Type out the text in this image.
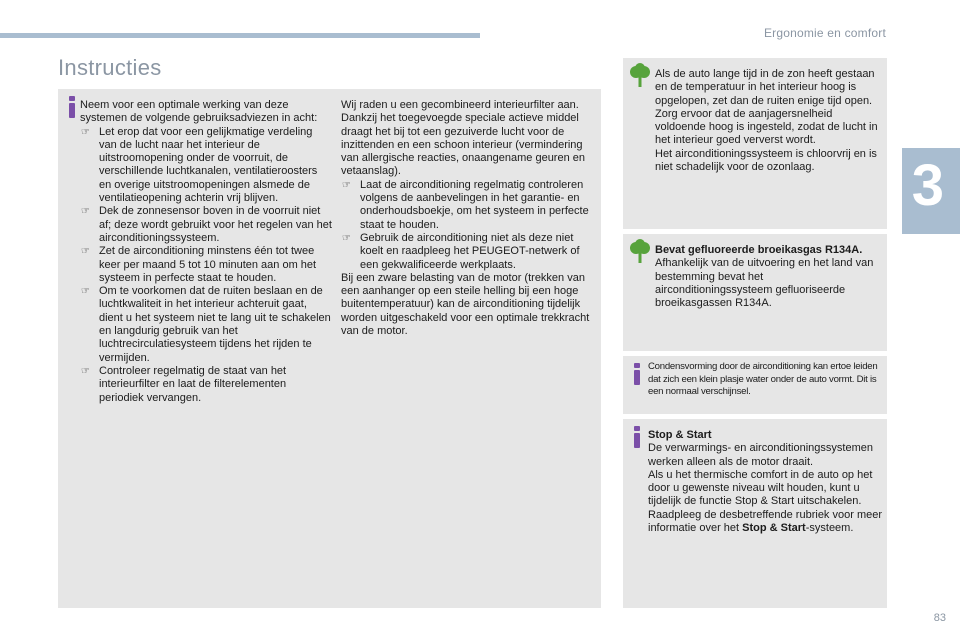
Ergonomie en comfort
3
Instructies

Neem voor een optimale werking van deze systemen de volgende gebruiksadviezen in acht:

☞ Let erop dat voor een gelijkmatige verdeling van de lucht naar het interieur de uitstroomopening onder de voorruit, de verschillende luchtkanalen, ventilatieroosters en overige uitstroomopeningen alsmede de ventilatieopening achterin vrij blijven.
☞ Dek de zonnesensor boven in de voorruit niet af; deze wordt gebruikt voor het regelen van het airconditioningssysteem.
☞ Zet de airconditioning minstens één tot twee keer per maand 5 tot 10 minuten aan om het systeem in perfecte staat te houden.
☞ Om te voorkomen dat de ruiten beslaan en de luchtkwaliteit in het interieur achteruit gaat, dient u het systeem niet te lang uit te schakelen en langdurig gebruik van het luchtrecirculatiesysteem tijdens het rijden te vermijden.
☞ Controleer regelmatig de staat van het interieurfilter en laat de filterelementen periodiek vervangen.

Wij raden u een gecombineerd interieurfilter aan. Dankzij het toegevoegde speciale actieve middel draagt het bij tot een gezuiverde lucht voor de inzittenden en een schoon interieur (vermindering van allergische reacties, onaangename geuren en vetaanslag).

☞ Laat de airconditioning regelmatig controleren volgens de aanbevelingen in het garantie- en onderhoudsboekje, om het systeem in perfecte staat te houden.
☞ Gebruik de airconditioning niet als deze niet koelt en raadpleeg het PEUGEOT-netwerk of een gekwalificeerde werkplaats.

Bij een zware belasting van de motor (trekken van een aanhanger op een steile helling bij een hoge buitentemperatuur) kan de airconditioning tijdelijk worden uitgeschakeld voor een optimale trekkracht van de motor.

Als de auto lange tijd in de zon heeft gestaan en de temperatuur in het interieur hoog is opgelopen, zet dan de ruiten enige tijd open.

Zorg ervoor dat de aanjagersnelheid voldoende hoog is ingesteld, zodat de lucht in het interieur goed ververst wordt.

Het airconditioningssysteem is chloorvrij en is niet schadelijk voor de ozonlaag.

Bevat gefluoreerde broeikasgas R134A.

Afhankelijk van de uitvoering en het land van bestemming bevat het airconditioningssysteem gefluoriseerde broeikasgassen R134A.

Condensvorming door de airconditioning kan ertoe leiden dat zich een klein plasje water onder de auto vormt. Dit is een normaal verschijnsel.

Stop & Start

De verwarmings- en airconditioningssystemen werken alleen als de motor draait.

Als u het thermische comfort in de auto op het door u gewenste niveau wilt houden, kunt u tijdelijk de functie Stop & Start uitschakelen.

Raadpleeg de desbetreffende rubriek voor meer informatie over het Stop & Start-systeem.

83
